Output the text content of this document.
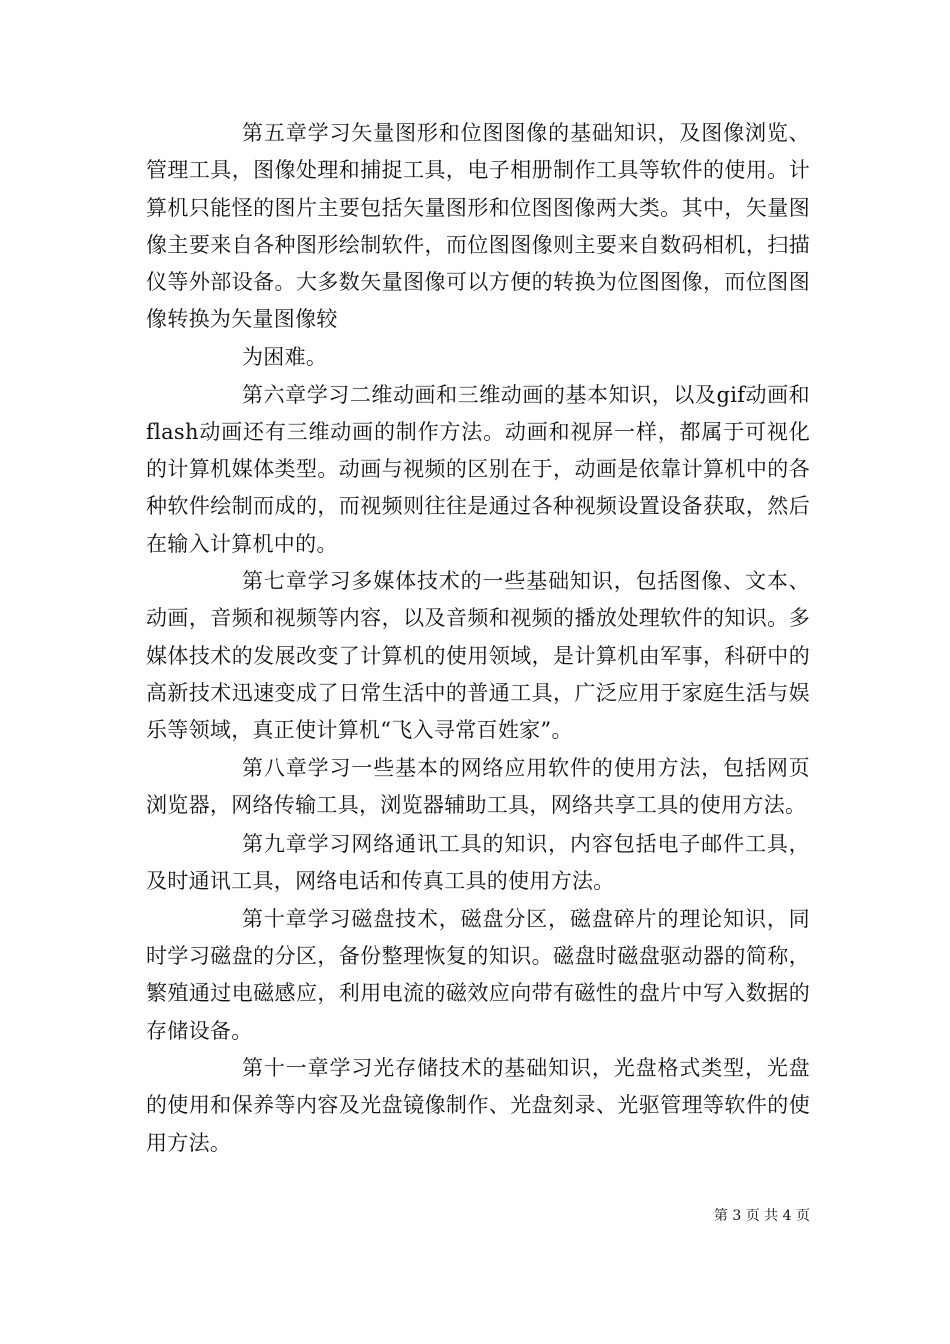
第五章学习矢量图形和位图图像的基础知识，及图像浏览、管理工具，图像处理和捕捉工具，电子相册制作工具等软件的使用。计算机只能怪的图片主要包括矢量图形和位图图像两大类。其中，矢量图像主要来自各种图形绘制软件，而位图图像则主要来自数码相机，扫描仪等外部设备。大多数矢量图像可以方便的转换为位图图像，而位图图像转换为矢量图像较

为困难。

第六章学习二维动画和三维动画的基本知识，以及gif动画和flash动画还有三维动画的制作方法。动画和视屏一样，都属于可视化的计算机媒体类型。动画与视频的区别在于，动画是依靠计算机中的各种软件绘制而成的，而视频则往往是通过各种视频设置设备获取，然后在输入计算机中的。

第七章学习多媒体技术的一些基础知识，包括图像、文本、动画，音频和视频等内容，以及音频和视频的播放处理软件的知识。多媒体技术的发展改变了计算机的使用领域，是计算机由军事，科研中的高新技术迅速变成了日常生活中的普通工具，广泛应用于家庭生活与娱乐等领域，真正使计算机“飞入寻常百姓家”。

第八章学习一些基本的网络应用软件的使用方法，包括网页浏览器，网络传输工具，浏览器辅助工具，网络共享工具的使用方法。

第九章学习网络通讯工具的知识，内容包括电子邮件工具，及时通讯工具，网络电话和传真工具的使用方法。

第十章学习磁盘技术，磁盘分区，磁盘碎片的理论知识，同时学习磁盘的分区，备份整理恢复的知识。磁盘时磁盘驱动器的简称，繁殖通过电磁感应，利用电流的磁效应向带有磁性的盘片中写入数据的存储设备。

第十一章学习光存储技术的基础知识，光盘格式类型，光盘的使用和保养等内容及光盘镜像制作、光盘刻录、光驱管理等软件的使用方法。

第 3 页 共 4 页
